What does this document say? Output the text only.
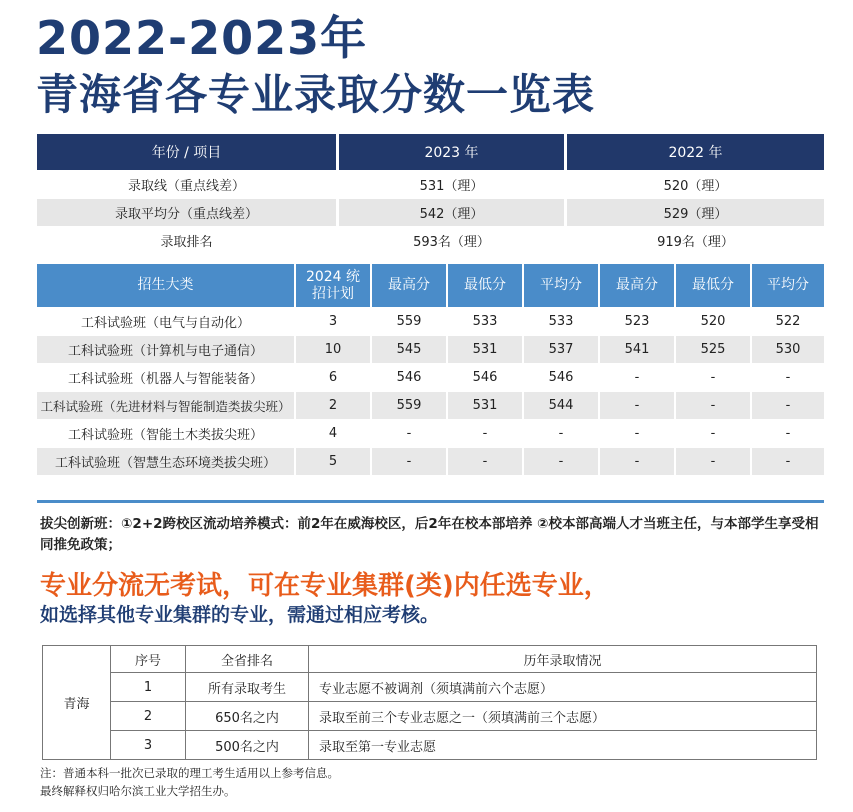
2022-2023年
青海省各专业录取分数一览表
年份 / 项目	2023 年	2022 年
录取线（重点线差）	531（理）	520（理）
录取平均分（重点线差）	542（理）	529（理）
录取排名	593名（理）	919名（理）
招生大类	2024 统招计划	最高分	最低分	平均分	最高分	最低分	平均分
工科试验班（电气与自动化）	3	559	533	533	523	520	522
工科试验班（计算机与电子通信）	10	545	531	537	541	525	530
工科试验班（机器人与智能装备）	6	546	546	546	-	-	-
工科试验班（先进材料与智能制造类拔尖班）	2	559	531	544	-	-	-
工科试验班（智能土木类拔尖班）	4	-	-	-	-	-	-
工科试验班（智慧生态环境类拔尖班）	5	-	-	-	-	-	-
拔尖创新班：①2+2跨校区流动培养模式：前2年在威海校区，后2年在校本部培养 ②校本部高端人才当班主任，与本部学生享受相同推免政策；
专业分流无考试，可在专业集群(类)内任选专业，
如选择其他专业集群的专业，需通过相应考核。
青海	序号	全省排名	历年录取情况
	1	所有录取考生	专业志愿不被调剂（须填满前六个志愿）
	2	650名之内	录取至前三个专业志愿之一（须填满前三个志愿）
	3	500名之内	录取至第一专业志愿
注：普通本科一批次已录取的理工考生适用以上参考信息。
最终解释权归哈尔滨工业大学招生办。
